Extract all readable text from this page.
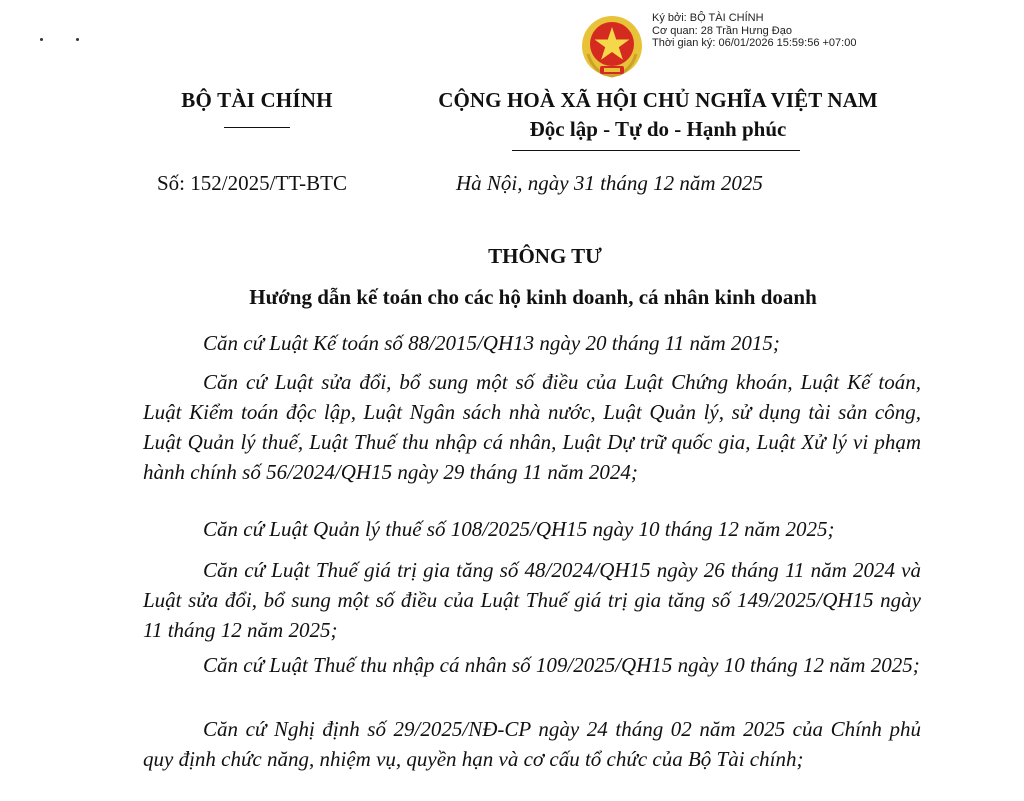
Ký bởi: BỘ TÀI CHÍNH
Cơ quan: 28 Trần Hưng Đạo
Thời gian ký: 06/01/2026 15:59:56 +07:00
BỘ TÀI CHÍNH	CỘNG HOÀ XÃ HỘI CHỦ NGHĨA VIỆT NAM
Độc lập - Tự do - Hạnh phúc
Số: 152/2025/TT-BTC	Hà Nội, ngày 31 tháng 12 năm 2025
THÔNG TƯ
Hướng dẫn kế toán cho các hộ kinh doanh, cá nhân kinh doanh
Căn cứ Luật Kế toán số 88/2015/QH13 ngày 20 tháng 11 năm 2015;
Căn cứ Luật sửa đổi, bổ sung một số điều của Luật Chứng khoán, Luật Kế toán, Luật Kiểm toán độc lập, Luật Ngân sách nhà nước, Luật Quản lý, sử dụng tài sản công, Luật Quản lý thuế, Luật Thuế thu nhập cá nhân, Luật Dự trữ quốc gia, Luật Xử lý vi phạm hành chính số 56/2024/QH15 ngày 29 tháng 11 năm 2024;
Căn cứ Luật Quản lý thuế số 108/2025/QH15 ngày 10 tháng 12 năm 2025;
Căn cứ Luật Thuế giá trị gia tăng số 48/2024/QH15 ngày 26 tháng 11 năm 2024 và Luật sửa đổi, bổ sung một số điều của Luật Thuế giá trị gia tăng số 149/2025/QH15 ngày 11 tháng 12 năm 2025;
Căn cứ Luật Thuế thu nhập cá nhân số 109/2025/QH15 ngày 10 tháng 12 năm 2025;
Căn cứ Nghị định số 29/2025/NĐ-CP ngày 24 tháng 02 năm 2025 của Chính phủ quy định chức năng, nhiệm vụ, quyền hạn và cơ cấu tổ chức của Bộ Tài chính;
